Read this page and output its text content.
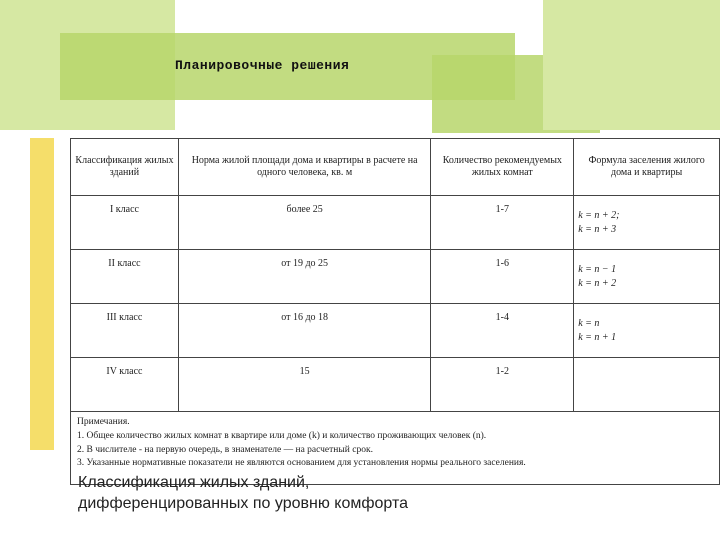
Планировочные решения
Классификация жилых зданий	Норма жилой площади дома и квартиры в расчете на одного человека, кв. м	Количество рекомендуемых жилых комнат	Формула заселения жилого дома и квартиры
I класс	более 25	1-7	k = n + 2;
k = n + 3

II класс	от 19 до 25	1-6	k = n − 1
k = n + 2

III класс	от 16 до 18	1-4	k = n
k = n + 1

IV класс	15	1-2	

Примечания.
1. Общее количество жилых комнат в квартире или доме (k) и количество проживающих человек (n).
2. В числителе - на первую очередь, в знаменателе — на расчетный срок.
3. Указанные нормативные показатели не являются основанием для установления нормы реального заселения.			
Классификация жилых зданий,
дифференцированных по уровню комфорта
